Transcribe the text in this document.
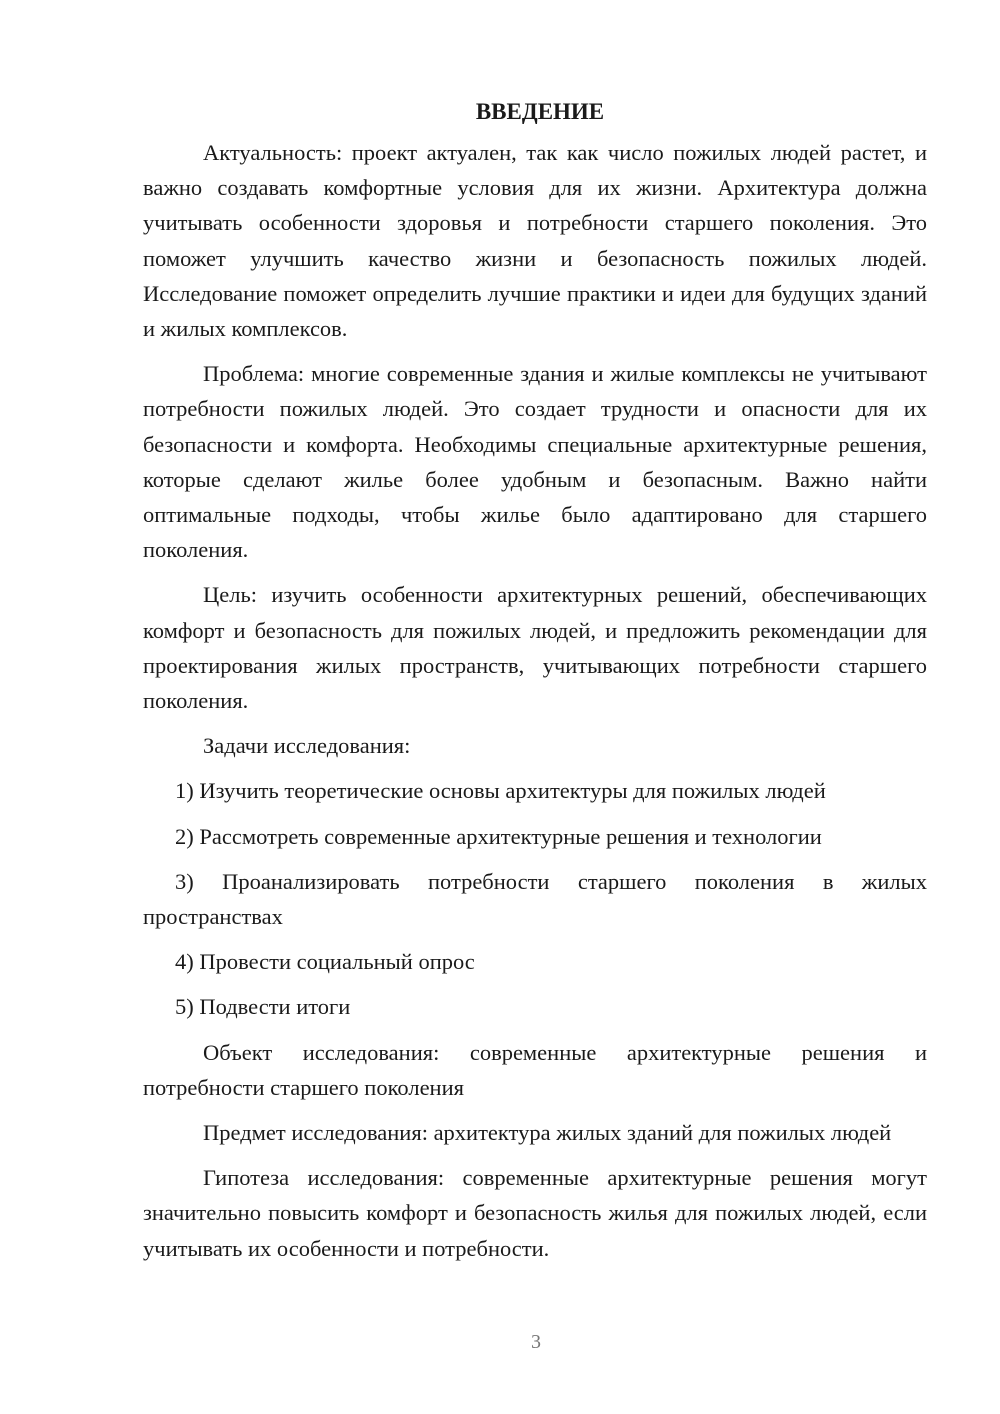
ВВЕДЕНИЕ

Актуальность: проект актуален, так как число пожилых людей растет, и важно создавать комфортные условия для их жизни. Архитектура должна учитывать особенности здоровья и потребности старшего поколения. Это поможет улучшить качество жизни и безопасность пожилых людей. Исследование поможет определить лучшие практики и идеи для будущих зданий и жилых комплексов.

Проблема: многие современные здания и жилые комплексы не учитывают потребности пожилых людей. Это создает трудности и опасности для их безопасности и комфорта. Необходимы специальные архитектурные решения, которые сделают жилье более удобным и безопасным. Важно найти оптимальные подходы, чтобы жилье было адаптировано для старшего поколения.

Цель: изучить особенности архитектурных решений, обеспечивающих комфорт и безопасность для пожилых людей, и предложить рекомендации для проектирования жилых пространств, учитывающих потребности старшего поколения.

Задачи исследования:

1) Изучить теоретические основы архитектуры для пожилых людей

2) Рассмотреть современные архитектурные решения и технологии

3) Проанализировать потребности старшего поколения в жилых пространствах

4) Провести социальный опрос

5) Подвести итоги

Объект исследования: современные архитектурные решения и потребности старшего поколения

Предмет исследования: архитектура жилых зданий для пожилых людей

Гипотеза исследования: современные архитектурные решения могут значительно повысить комфорт и безопасность жилья для пожилых людей, если учитывать их особенности и потребности.

3
